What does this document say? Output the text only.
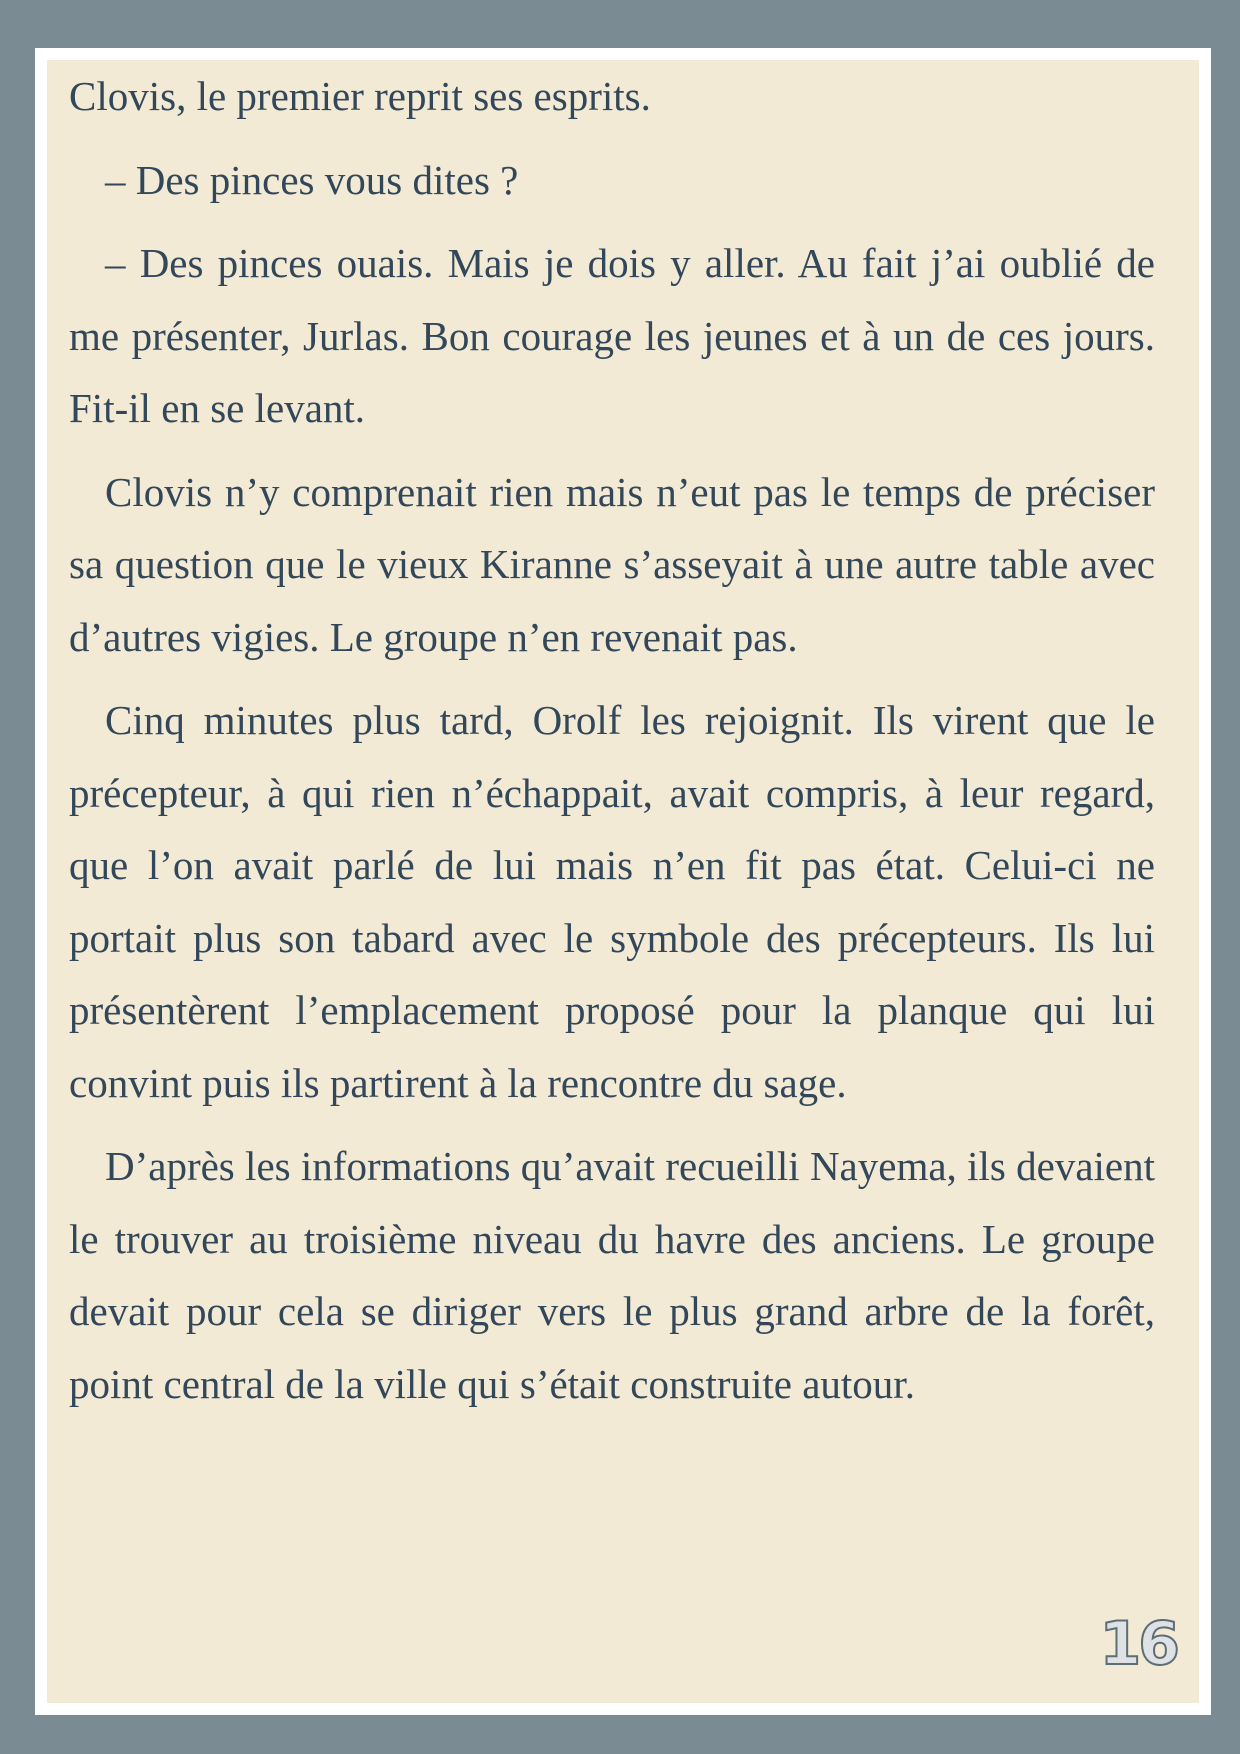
Clovis, le premier reprit ses esprits.

– Des pinces vous dites ?

– Des pinces ouais. Mais je dois y aller. Au fait j’ai oublié de me présenter, Jurlas. Bon courage les jeunes et à un de ces jours. Fit-il en se levant.

Clovis n’y comprenait rien mais n’eut pas le temps de préciser sa question que le vieux Kiranne s’asseyait à une autre table avec d’autres vigies. Le groupe n’en revenait pas.

Cinq minutes plus tard, Orolf les rejoignit. Ils virent que le précepteur, à qui rien n’échappait, avait compris, à leur regard, que l’on avait parlé de lui mais n’en fit pas état. Celui-ci ne portait plus son tabard avec le symbole des précepteurs. Ils lui présentèrent l’emplacement proposé pour la planque qui lui convint puis ils partirent à la rencontre du sage.

D’après les informations qu’avait recueilli Nayema, ils devaient le trouver au troisième niveau du havre des anciens. Le groupe devait pour cela se diriger vers le plus grand arbre de la forêt, point central de la ville qui s’était construite autour.

16
